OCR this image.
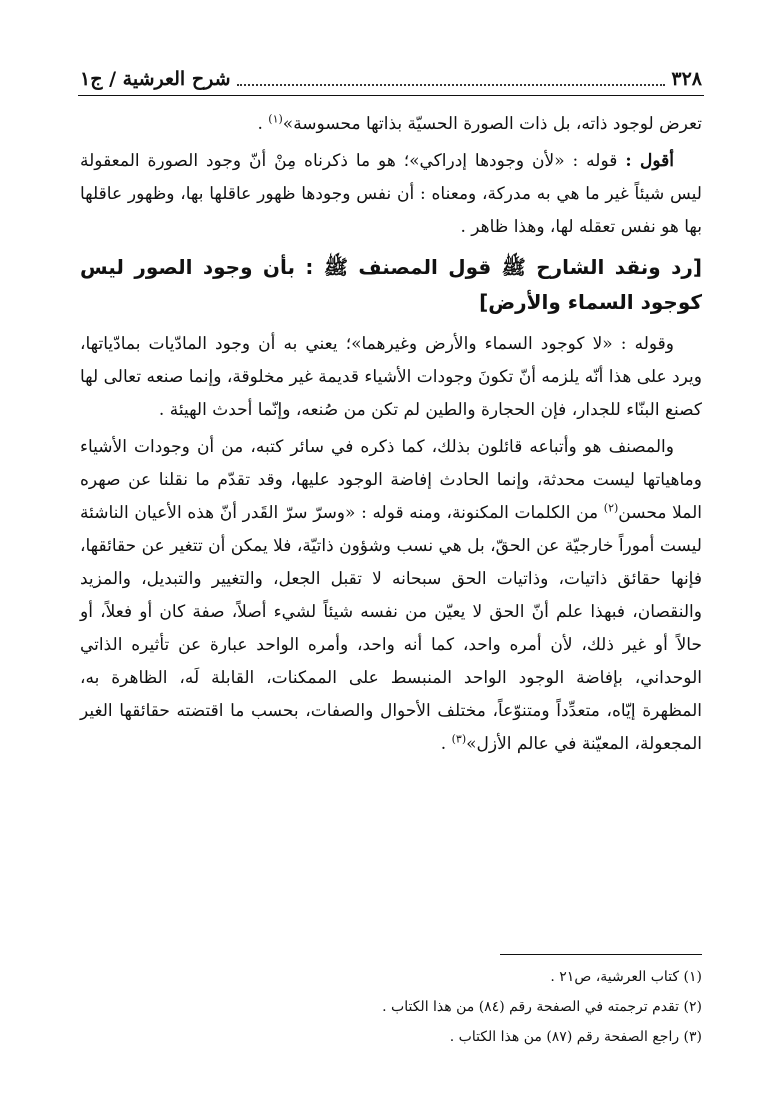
٣٢٨
شرح العرشية / ج١

تعرض لوجود ذاته، بل ذات الصورة الحسيّة بذاتها محسوسة»$^{(١)}$ .

أقول : قوله : «لأن وجودها إدراكي»؛ هو ما ذكرناه مِنْ أنّ وجود الصورة المعقولة ليس شيئاً غير ما هي به مدركة، ومعناه : أن نفس وجودها ظهور عاقلها بها، وظهور عاقلها بها هو نفس تعقله لها، وهذا ظاهر .

[رد ونقد الشارح ﷺ قول المصنف ﷺ : بأن وجود الصور ليس كوجود السماء والأرض]

وقوله : «لا كوجود السماء والأرض وغيرهما»؛ يعني به أن وجود المادّيات بمادّياتها، ويرد على هذا أنّه يلزمه أنّ تكونَ وجودات الأشياء قديمة غير مخلوقة، وإنما صنعه تعالى لها كصنع البنّاء للجدار، فإن الحجارة والطين لم تكن من صُنعه، وإنّما أحدث الهيئة .

والمصنف هو وأتباعه قائلون بذلك، كما ذكره في سائر كتبه، من أن وجودات الأشياء وماهياتها ليست محدثة، وإنما الحادث إفاضة الوجود عليها، وقد تقدّم ما نقلنا عن صهره الملا محسن$^{(٢)}$ من الكلمات المكنونة، ومنه قوله : «وسرّ سرّ القَدر أنّ هذه الأعيان الناشئة ليست أموراً خارجيّة عن الحقّ، بل هي نسب وشؤون ذاتيّة، فلا يمكن أن تتغير عن حقائقها، فإنها حقائق ذاتيات، وذاتيات الحق سبحانه لا تقبل الجعل، والتغيير والتبديل، والمزيد والنقصان، فبهذا علم أنّ الحق لا يعيّن من نفسه شيئاً لشيء أصلاً، صفة كان أو فعلاً، أو حالاً أو غير ذلك، لأن أمره واحد، كما أنه واحد، وأمره الواحد عبارة عن تأثيره الذاتي الوحداني، بإفاضة الوجود الواحد المنبسط على الممكنات، القابلة لَه، الظاهرة به، المظهرة إيّاه، متعدِّداً ومتنوّعاً، مختلف الأحوال والصفات، بحسب ما اقتضته حقائقها الغير المجعولة، المعيّنة في عالم الأزل»$^{(٣)}$ .

(١) كتاب العرشية، ص٢١ .
(٢) تقدم ترجمته في الصفحة رقم (٨٤) من هذا الكتاب .
(٣) راجع الصفحة رقم (٨٧) من هذا الكتاب .
